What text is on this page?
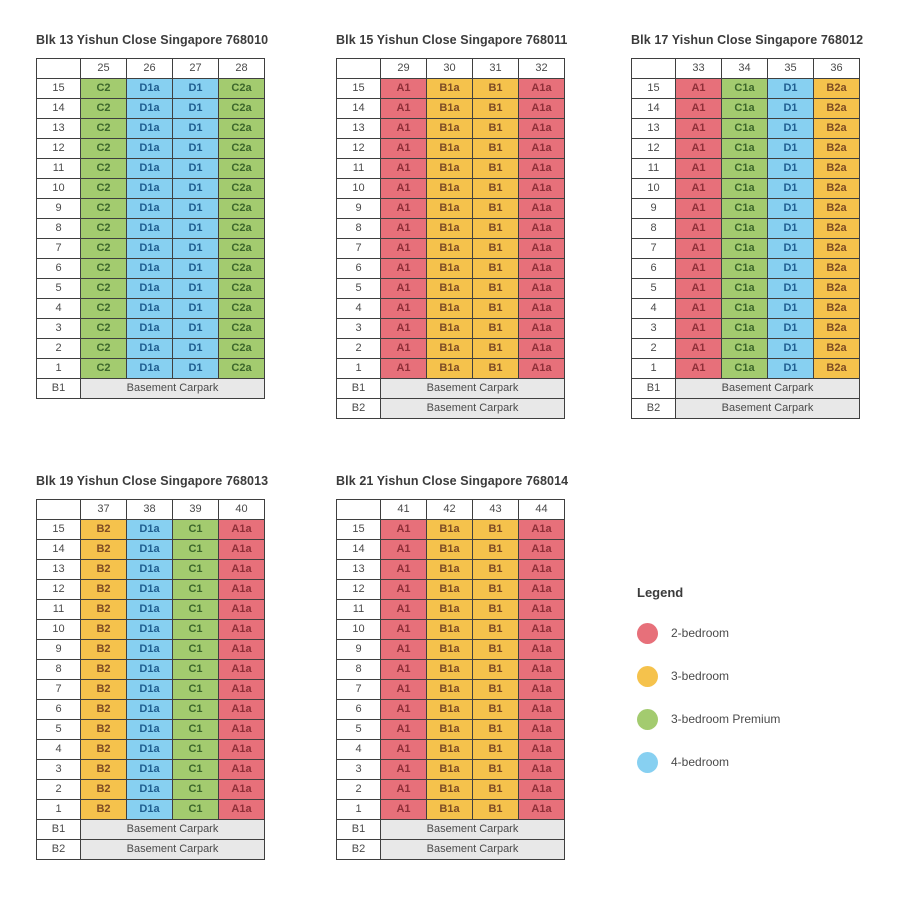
Blk 13 Yishun Close Singapore 768010
	25	26	27	28
15	C2	D1a	D1	C2a
14	C2	D1a	D1	C2a
13	C2	D1a	D1	C2a
12	C2	D1a	D1	C2a
11	C2	D1a	D1	C2a
10	C2	D1a	D1	C2a
9	C2	D1a	D1	C2a
8	C2	D1a	D1	C2a
7	C2	D1a	D1	C2a
6	C2	D1a	D1	C2a
5	C2	D1a	D1	C2a
4	C2	D1a	D1	C2a
3	C2	D1a	D1	C2a
2	C2	D1a	D1	C2a
1	C2	D1a	D1	C2a
B1	Basement Carpark			
Blk 15 Yishun Close Singapore 768011
	29	30	31	32
15	A1	B1a	B1	A1a
14	A1	B1a	B1	A1a
13	A1	B1a	B1	A1a
12	A1	B1a	B1	A1a
11	A1	B1a	B1	A1a
10	A1	B1a	B1	A1a
9	A1	B1a	B1	A1a
8	A1	B1a	B1	A1a
7	A1	B1a	B1	A1a
6	A1	B1a	B1	A1a
5	A1	B1a	B1	A1a
4	A1	B1a	B1	A1a
3	A1	B1a	B1	A1a
2	A1	B1a	B1	A1a
1	A1	B1a	B1	A1a
B1	Basement Carpark			
B2	Basement Carpark			
Blk 17 Yishun Close Singapore 768012
	33	34	35	36
15	A1	C1a	D1	B2a
14	A1	C1a	D1	B2a
13	A1	C1a	D1	B2a
12	A1	C1a	D1	B2a
11	A1	C1a	D1	B2a
10	A1	C1a	D1	B2a
9	A1	C1a	D1	B2a
8	A1	C1a	D1	B2a
7	A1	C1a	D1	B2a
6	A1	C1a	D1	B2a
5	A1	C1a	D1	B2a
4	A1	C1a	D1	B2a
3	A1	C1a	D1	B2a
2	A1	C1a	D1	B2a
1	A1	C1a	D1	B2a
B1	Basement Carpark			
B2	Basement Carpark			
Blk 19 Yishun Close Singapore 768013
	37	38	39	40
15	B2	D1a	C1	A1a
14	B2	D1a	C1	A1a
13	B2	D1a	C1	A1a
12	B2	D1a	C1	A1a
11	B2	D1a	C1	A1a
10	B2	D1a	C1	A1a
9	B2	D1a	C1	A1a
8	B2	D1a	C1	A1a
7	B2	D1a	C1	A1a
6	B2	D1a	C1	A1a
5	B2	D1a	C1	A1a
4	B2	D1a	C1	A1a
3	B2	D1a	C1	A1a
2	B2	D1a	C1	A1a
1	B2	D1a	C1	A1a
B1	Basement Carpark			
B2	Basement Carpark			
Blk 21 Yishun Close Singapore 768014
	41	42	43	44
15	A1	B1a	B1	A1a
14	A1	B1a	B1	A1a
13	A1	B1a	B1	A1a
12	A1	B1a	B1	A1a
11	A1	B1a	B1	A1a
10	A1	B1a	B1	A1a
9	A1	B1a	B1	A1a
8	A1	B1a	B1	A1a
7	A1	B1a	B1	A1a
6	A1	B1a	B1	A1a
5	A1	B1a	B1	A1a
4	A1	B1a	B1	A1a
3	A1	B1a	B1	A1a
2	A1	B1a	B1	A1a
1	A1	B1a	B1	A1a
B1	Basement Carpark			
B2	Basement Carpark			
Legend
2-bedroom
3-bedroom
3-bedroom Premium
4-bedroom
